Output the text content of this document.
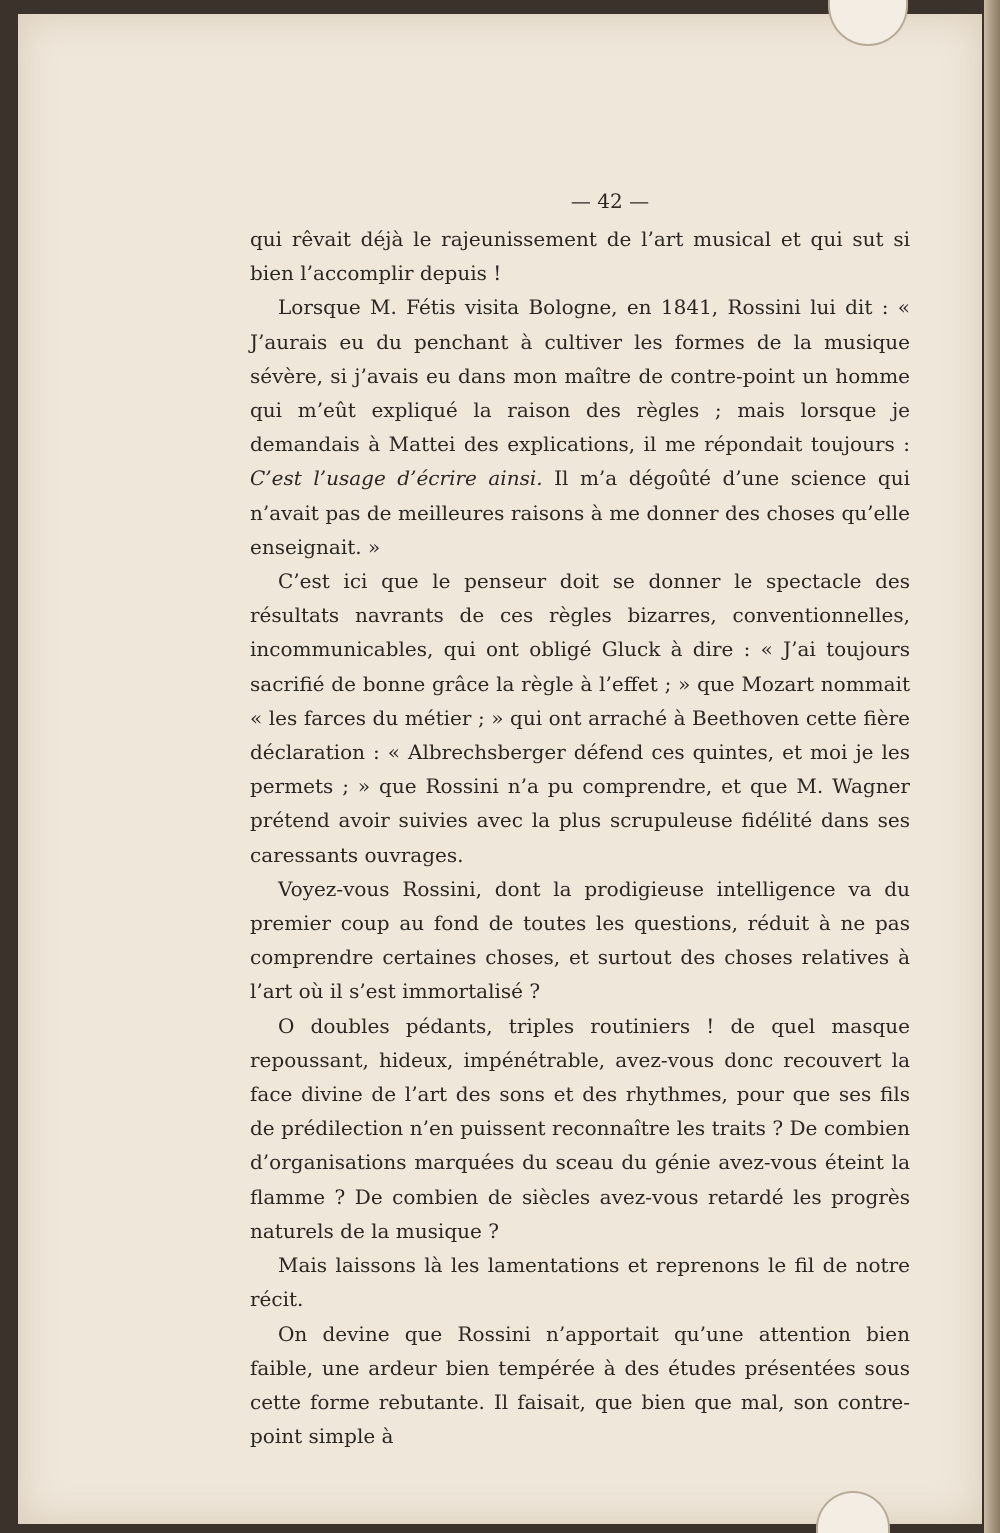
— 42 —

qui rêvait déjà le rajeunissement de l’art musical et qui sut si bien l’accomplir depuis !

Lorsque M. Fétis visita Bologne, en 1841, Rossini lui dit : « J’aurais eu du penchant à cultiver les formes de la musique sévère, si j’avais eu dans mon maître de contre-point un homme qui m’eût expliqué la raison des règles ; mais lorsque je demandais à Mattei des explications, il me répondait toujours : C’est l’usage d’écrire ainsi. Il m’a dégoûté d’une science qui n’avait pas de meilleures raisons à me donner des choses qu’elle enseignait. »

C’est ici que le penseur doit se donner le spectacle des résultats navrants de ces règles bizarres, conventionnelles, incommunicables, qui ont obligé Gluck à dire : « J’ai toujours sacrifié de bonne grâce la règle à l’effet ; » que Mozart nommait « les farces du métier ; » qui ont arraché à Beethoven cette fière déclaration : « Albrechsberger défend ces quintes, et moi je les permets ; » que Rossini n’a pu comprendre, et que M. Wagner prétend avoir suivies avec la plus scrupuleuse fidélité dans ses caressants ouvrages.

Voyez-vous Rossini, dont la prodigieuse intelligence va du premier coup au fond de toutes les questions, réduit à ne pas comprendre certaines choses, et surtout des choses relatives à l’art où il s’est immortalisé ?

O doubles pédants, triples routiniers ! de quel masque repoussant, hideux, impénétrable, avez-vous donc recouvert la face divine de l’art des sons et des rhythmes, pour que ses fils de prédilection n’en puissent reconnaître les traits ? De combien d’organisations marquées du sceau du génie avez-vous éteint la flamme ? De combien de siècles avez-vous retardé les progrès naturels de la musique ?

Mais laissons là les lamentations et reprenons le fil de notre récit.

On devine que Rossini n’apportait qu’une attention bien faible, une ardeur bien tempérée à des études présentées sous cette forme rebutante. Il faisait, que bien que mal, son contre-point simple à
